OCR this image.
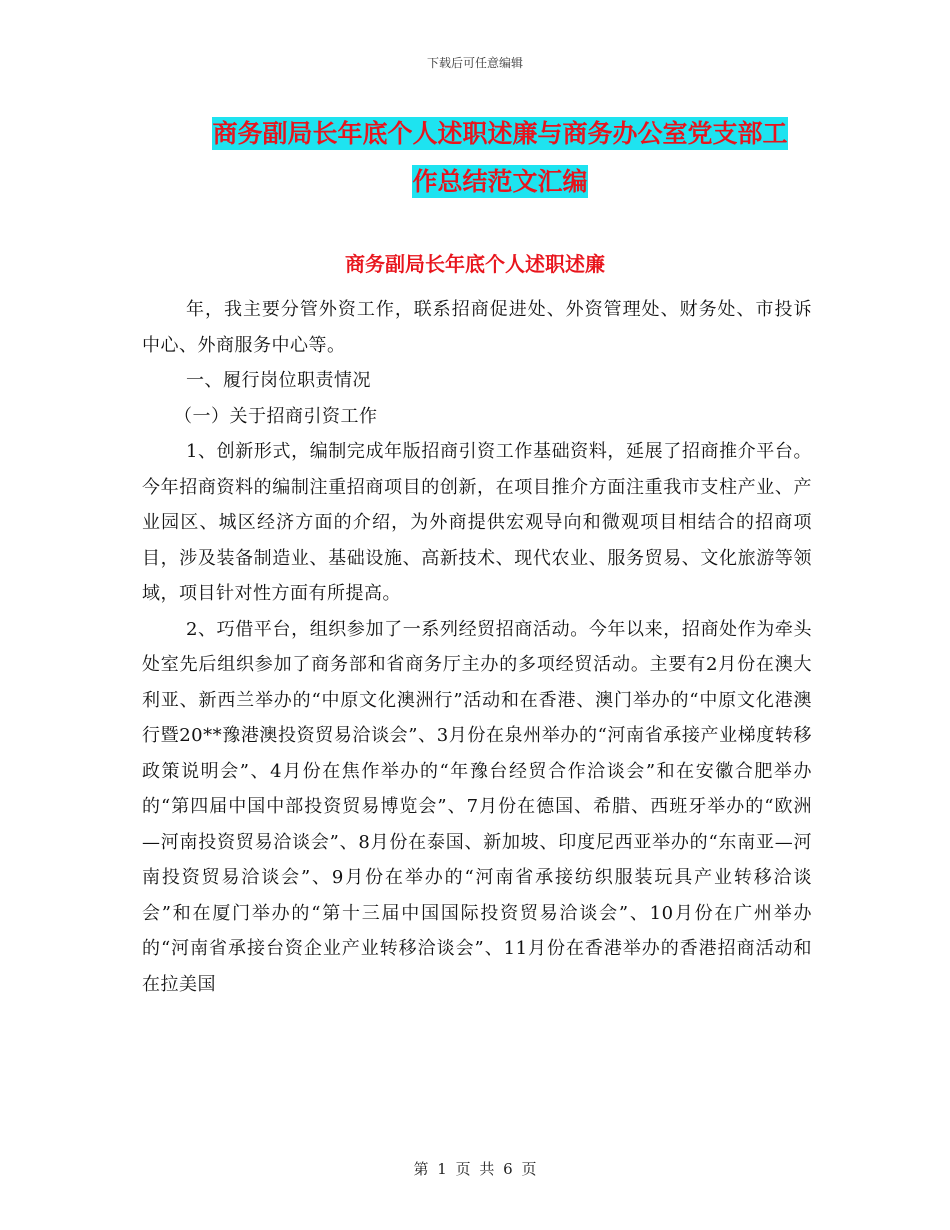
下载后可任意编辑
商务副局长年底个人述职述廉与商务办公室党支部工
作总结范文汇编
商务副局长年底个人述职述廉

年，我主要分管外资工作，联系招商促进处、外资管理处、财务处、市投诉中心、外商服务中心等。

一、履行岗位职责情况

（一）关于招商引资工作

1、创新形式，编制完成年版招商引资工作基础资料，延展了招商推介平台。今年招商资料的编制注重招商项目的创新，在项目推介方面注重我市支柱产业、产业园区、城区经济方面的介绍，为外商提供宏观导向和微观项目相结合的招商项目，涉及装备制造业、基础设施、高新技术、现代农业、服务贸易、文化旅游等领域，项目针对性方面有所提高。

2、巧借平台，组织参加了一系列经贸招商活动。今年以来，招商处作为牵头处室先后组织参加了商务部和省商务厅主办的多项经贸活动。主要有2月份在澳大利亚、新西兰举办的“中原文化澳洲行”活动和在香港、澳门举办的“中原文化港澳行暨20**豫港澳投资贸易洽谈会”、3月份在泉州举办的“河南省承接产业梯度转移政策说明会”、4月份在焦作举办的“年豫台经贸合作洽谈会”和在安徽合肥举办的“第四届中国中部投资贸易博览会”、7月份在德国、希腊、西班牙举办的“欧洲—河南投资贸易洽谈会”、8月份在泰国、新加坡、印度尼西亚举办的“东南亚—河南投资贸易洽谈会”、9月份在举办的“河南省承接纺织服装玩具产业转移洽谈会”和在厦门举办的“第十三届中国国际投资贸易洽谈会”、10月份在广州举办的“河南省承接台资企业产业转移洽谈会”、11月份在香港举办的香港招商活动和在拉美国

第 1 页 共 6 页
